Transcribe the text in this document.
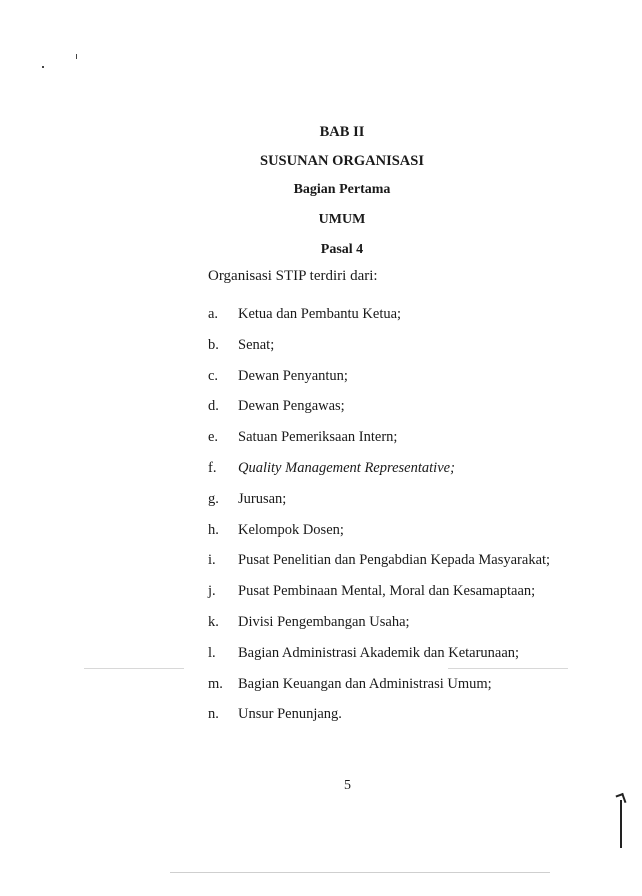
BAB II
SUSUNAN ORGANISASI
Bagian Pertama
UMUM
Pasal 4
Organisasi STIP terdiri dari:
a.	Ketua dan Pembantu Ketua;
b.	Senat;
c.	Dewan Penyantun;
d.	Dewan Pengawas;
e.	Satuan Pemeriksaan Intern;
f.	Quality Management Representative;
g.	Jurusan;
h.	Kelompok Dosen;
i.	Pusat Penelitian dan Pengabdian Kepada Masyarakat;
j.	Pusat Pembinaan Mental, Moral dan Kesamaptaan;
k.	Divisi Pengembangan Usaha;
l.	Bagian Administrasi Akademik dan Ketarunaan;
m.	Bagian Keuangan dan Administrasi Umum;
n.	Unsur Penunjang.
5
